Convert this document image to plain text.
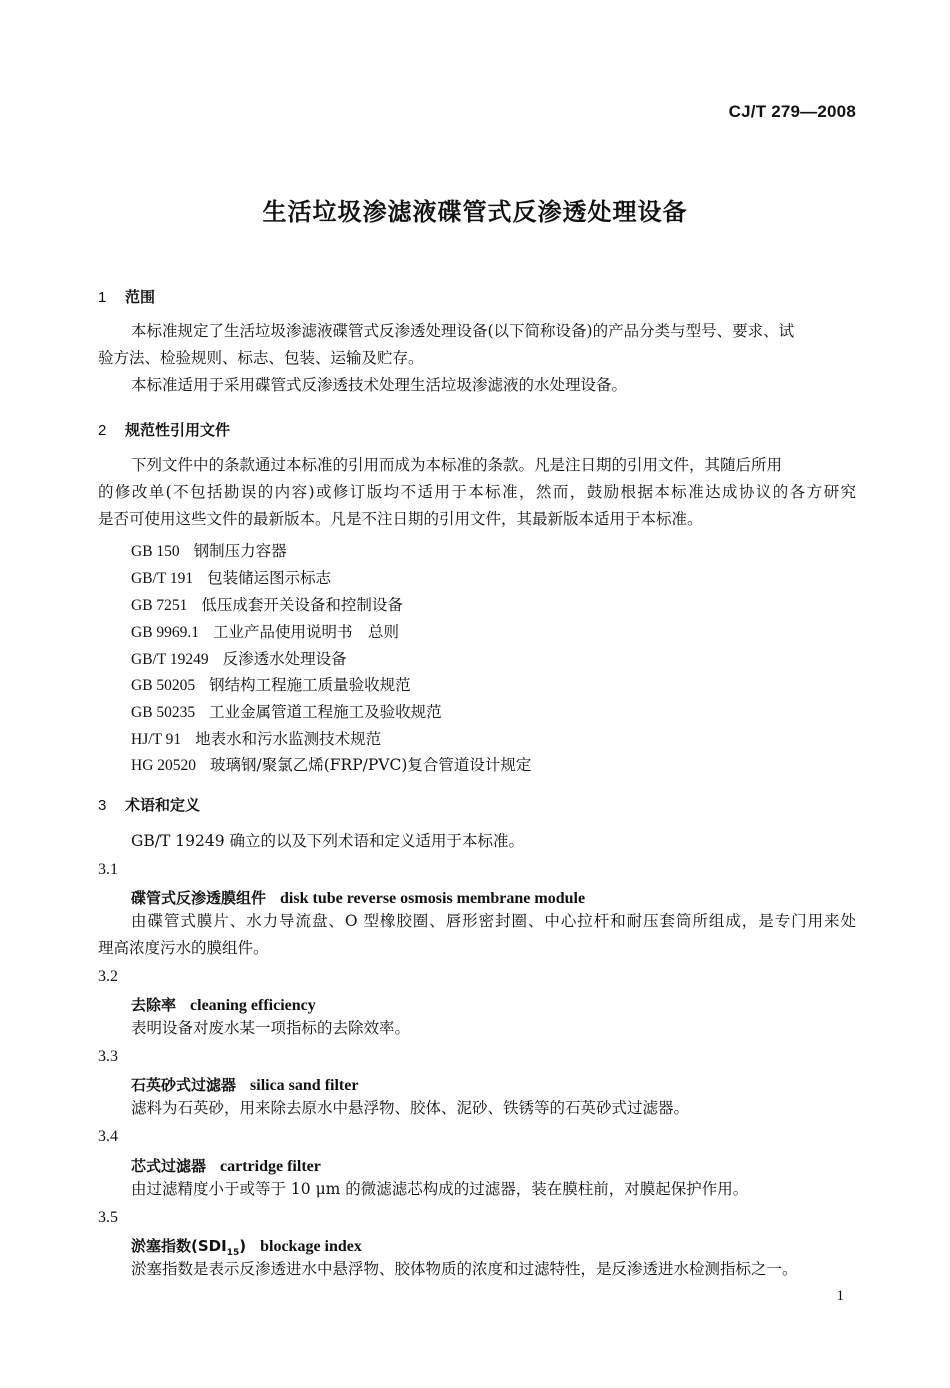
CJ/T 279—2008
生活垃圾渗滤液碟管式反渗透处理设备
1 范围
本标准规定了生活垃圾渗滤液碟管式反渗透处理设备(以下简称设备)的产品分类与型号、要求、试
验方法、检验规则、标志、包装、运输及贮存。
本标准适用于采用碟管式反渗透技术处理生活垃圾渗滤液的水处理设备。
2 规范性引用文件
下列文件中的条款通过本标准的引用而成为本标准的条款。凡是注日期的引用文件，其随后所用
的修改单(不包括勘误的内容)或修订版均不适用于本标准，然而，鼓励根据本标准达成协议的各方研究
是否可使用这些文件的最新版本。凡是不注日期的引用文件，其最新版本适用于本标准。
GB 150 钢制压力容器
GB/T 191 包装储运图示标志
GB 7251 低压成套开关设备和控制设备
GB 9969.1 工业产品使用说明书　总则
GB/T 19249 反渗透水处理设备
GB 50205 钢结构工程施工质量验收规范
GB 50235 工业金属管道工程施工及验收规范
HJ/T 91 地表水和污水监测技术规范
HG 20520 玻璃钢/聚氯乙烯(FRP/PVC)复合管道设计规定
3 术语和定义
GB/T 19249 确立的以及下列术语和定义适用于本标准。
3.1
碟管式反渗透膜组件 disk tube reverse osmosis membrane module
由碟管式膜片、水力导流盘、O 型橡胶圈、唇形密封圈、中心拉杆和耐压套筒所组成，是专门用来处
理高浓度污水的膜组件。
3.2
去除率 cleaning efficiency
表明设备对废水某一项指标的去除效率。
3.3
石英砂式过滤器 silica sand filter
滤料为石英砂，用来除去原水中悬浮物、胶体、泥砂、铁锈等的石英砂式过滤器。
3.4
芯式过滤器 cartridge filter
由过滤精度小于或等于 10 μm 的微滤滤芯构成的过滤器，装在膜柱前，对膜起保护作用。
3.5
淤塞指数$(SDI_{15})$ blockage index
淤塞指数是表示反渗透进水中悬浮物、胶体物质的浓度和过滤特性，是反渗透进水检测指标之一。
1
